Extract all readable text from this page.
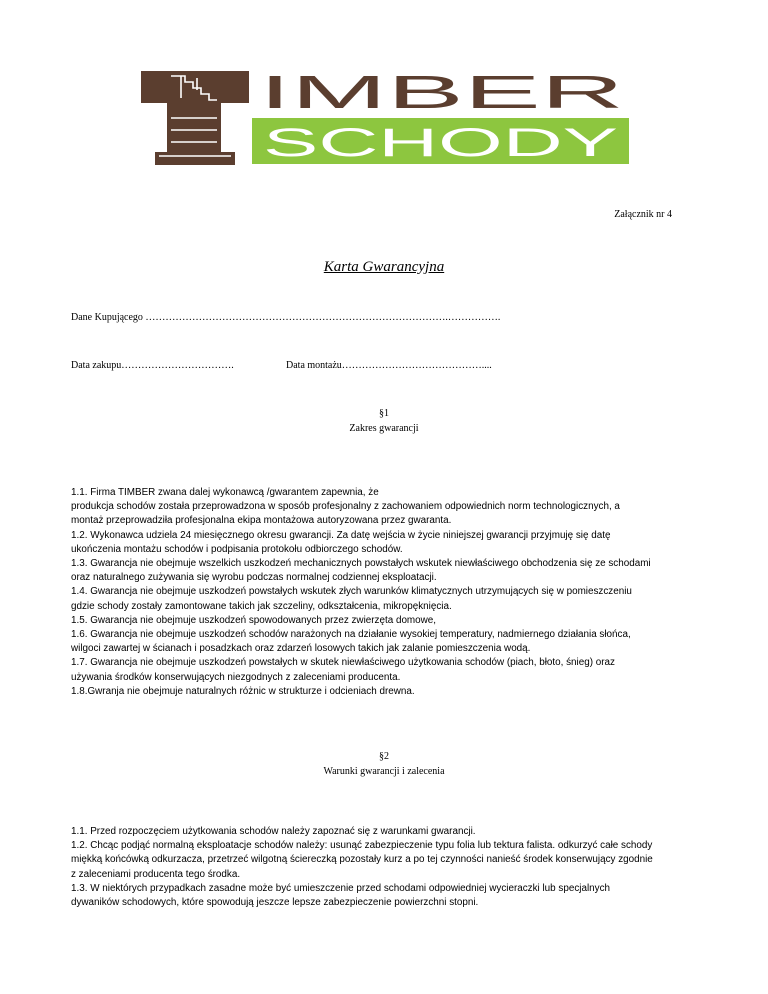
IMBER
SCHODY
Załącznik nr 4
Karta Gwarancyjna
Dane Kupującego ……………………………………………………………………………….…………….
Data zakupu…………………………….	Data montażu……………………………………....
§1
Zakres gwarancji

1.1. Firma TIMBER zwana dalej wykonawcą /gwarantem zapewnia, że

produkcja schodów została przeprowadzona w sposób profesjonalny z zachowaniem odpowiednich norm technologicznych, a

montaż przeprowadziła profesjonalna ekipa montażowa autoryzowana przez gwaranta.

1.2. Wykonawca udziela 24 miesięcznego okresu gwarancji. Za datę wejścia w życie niniejszej gwarancji przyjmuję się datę

ukończenia montażu schodów i podpisania protokołu odbiorczego schodów.

1.3. Gwarancja nie obejmuje wszelkich uszkodzeń mechanicznych powstałych wskutek niewłaściwego obchodzenia się ze schodami

oraz naturalnego zużywania się wyrobu podczas normalnej codziennej eksploatacji.

1.4. Gwarancja nie obejmuje uszkodzeń powstałych wskutek złych warunków klimatycznych utrzymujących się w pomieszczeniu

gdzie schody zostały zamontowane takich jak szczeliny, odkształcenia, mikropęknięcia.

1.5. Gwarancja nie obejmuje uszkodzeń spowodowanych przez zwierzęta domowe,

1.6. Gwarancja nie obejmuje uszkodzeń schodów narażonych na działanie wysokiej temperatury, nadmiernego działania słońca,

wilgoci zawartej w ścianach i posadzkach oraz zdarzeń losowych takich jak zalanie pomieszczenia wodą.

1.7. Gwarancja nie obejmuje uszkodzeń powstałych w skutek niewłaściwego użytkowania schodów (piach, błoto, śnieg) oraz

używania środków konserwujących niezgodnych z zaleceniami producenta.

1.8.Gwranja nie obejmuje naturalnych różnic w strukturze i odcieniach drewna.

§2
Warunki gwarancji i zalecenia

1.1. Przed rozpoczęciem użytkowania schodów należy zapoznać się z warunkami gwarancji.

1.2. Chcąc podjąć normalną eksploatacje schodów należy: usunąć zabezpieczenie typu folia lub tektura falista. odkurzyć całe schody

miękką końcówką odkurzacza, przetrzeć wilgotną ściereczką pozostały kurz a po tej czynności nanieść środek konserwujący zgodnie

z zaleceniami producenta tego środka.

1.3. W niektórych przypadkach zasadne może być umieszczenie przed schodami odpowiedniej wycieraczki lub specjalnych

dywaników schodowych, które spowodują jeszcze lepsze zabezpieczenie powierzchni stopni.
